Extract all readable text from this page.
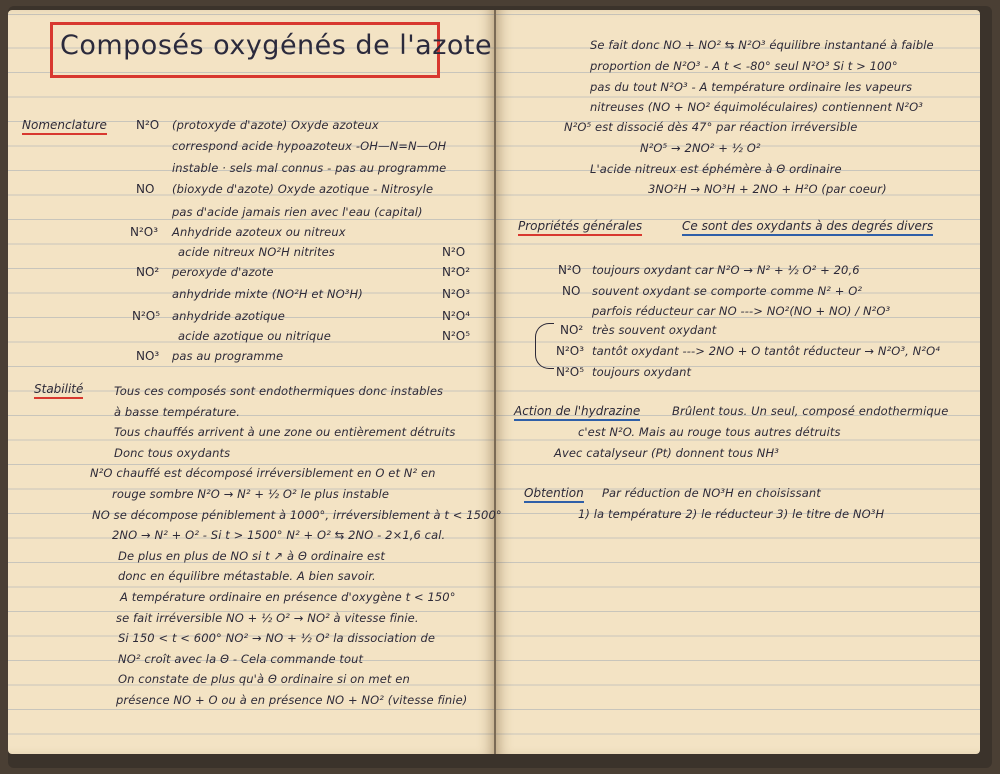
Composés oxygénés de l'azote
Nomenclature N²O (protoxyde d'azote) Oxyde azoteux
correspond acide hypoazoteux -OH—N=N—OH
instable · sels mal connus - pas au programme
NO (bioxyde d'azote) Oxyde azotique - Nitrosyle
pas d'acide jamais rien avec l'eau (capital)
N²O³ Anhydride azoteux ou nitreux
acide nitreux NO²H nitrites	N²O
NO² peroxyde d'azote	N²O²
anhydride mixte (NO²H et NO³H)	N²O³
N²O⁵ anhydride azotique	N²O⁴
acide azotique ou nitrique	N²O⁵
NO³ pas au programme
Stabilité	Tous ces composés sont endothermiques donc instables
à basse température.
Tous chauffés arrivent à une zone ou entièrement détruits
Donc tous oxydants
N²O chauffé est décomposé irréversiblement en O et N² en
rouge sombre N²O → N² + ½ O² le plus instable
NO se décompose péniblement à 1000°, irréversiblement à t < 1500°
2NO → N² + O² - Si t > 1500° N² + O² ⇆ 2NO - 2×1,6 cal.
De plus en plus de NO si t ↗ à Θ ordinaire est
donc en équilibre métastable. A bien savoir.
A température ordinaire en présence d'oxygène t < 150°
se fait irréversible NO + ½ O² → NO² à vitesse finie.
Si 150 < t < 600° NO² → NO + ½ O² la dissociation de
NO² croît avec la Θ - Cela commande tout
On constate de plus qu'à Θ ordinaire si on met en
présence NO + O ou à en présence NO + NO² (vitesse finie)
Se fait donc NO + NO² ⇆ N²O³ équilibre instantané à faible
proportion de N²O³ - A t < -80° seul N²O³ Si t > 100°
pas du tout N²O³ - A température ordinaire les vapeurs
nitreuses (NO + NO² équimoléculaires) contiennent N²O³
N²O⁵ est dissocié dès 47° par réaction irréversible
N²O⁵ → 2NO² + ½ O²
L'acide nitreux est éphémère à Θ ordinaire
3NO²H → NO³H + 2NO + H²O (par coeur)
Propriétés générales	Ce sont des oxydants à des degrés divers
N²O toujours oxydant car N²O → N² + ½ O² + 20,6
NO souvent oxydant se comporte comme N² + O²
parfois réducteur car NO ---> NO²(NO + NO) / N²O³
NO² très souvent oxydant
N²O³ tantôt oxydant ---> 2NO + O tantôt réducteur → N²O³, N²O⁴
N²O⁵ toujours oxydant
Action de l'hydrazine	Brûlent tous. Un seul, composé endothermique
c'est N²O. Mais au rouge tous autres détruits
Avec catalyseur (Pt) donnent tous NH³
Obtention Par réduction de NO³H en choisissant
1) la température 2) le réducteur 3) le titre de NO³H
